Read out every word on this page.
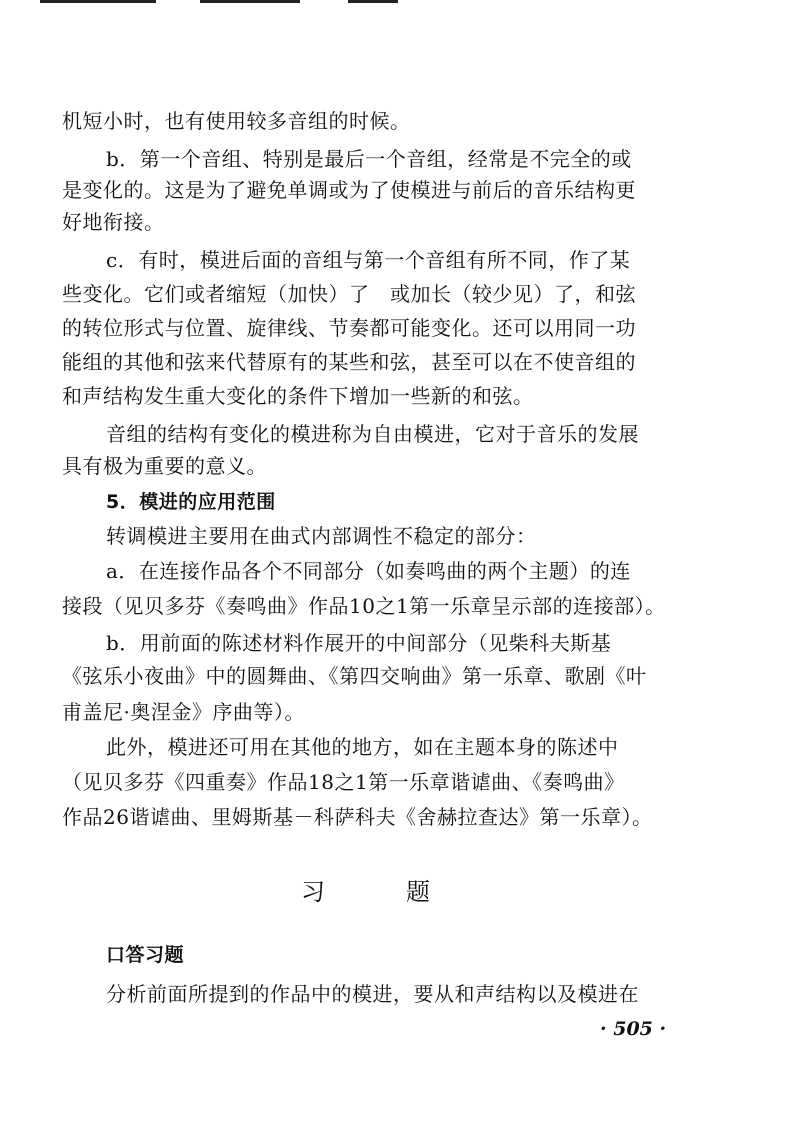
机短小时，也有使用较多音组的时候。
b．第一个音组、特别是最后一个音组，经常是不完全的或
是变化的。这是为了避免单调或为了使模进与前后的音乐结构更
好地衔接。
c．有时，模进后面的音组与第一个音组有所不同，作了某
些变化。它们或者缩短（加快）了　或加长（较少见）了，和弦
的转位形式与位置、旋律线、节奏都可能变化。还可以用同一功
能组的其他和弦来代替原有的某些和弦，甚至可以在不使音组的
和声结构发生重大变化的条件下增加一些新的和弦。
音组的结构有变化的模进称为自由模进，它对于音乐的发展
具有极为重要的意义。
5．模进的应用范围
转调模进主要用在曲式内部调性不稳定的部分：
a．在连接作品各个不同部分（如奏鸣曲的两个主题）的连
接段（见贝多芬《奏鸣曲》作品10之1第一乐章呈示部的连接部）。
b．用前面的陈述材料作展开的中间部分（见柴科夫斯基
《弦乐小夜曲》中的圆舞曲、《第四交响曲》第一乐章、歌剧《叶
甫盖尼·奥涅金》序曲等）。
此外，模进还可用在其他的地方，如在主题本身的陈述中
（见贝多芬《四重奏》作品18之1第一乐章谐谑曲、《奏鸣曲》
作品26谐谑曲、里姆斯基－科萨科夫《舍赫拉查达》第一乐章）。
习	题
口答习题
分析前面所提到的作品中的模进，要从和声结构以及模进在
· 505 ·
